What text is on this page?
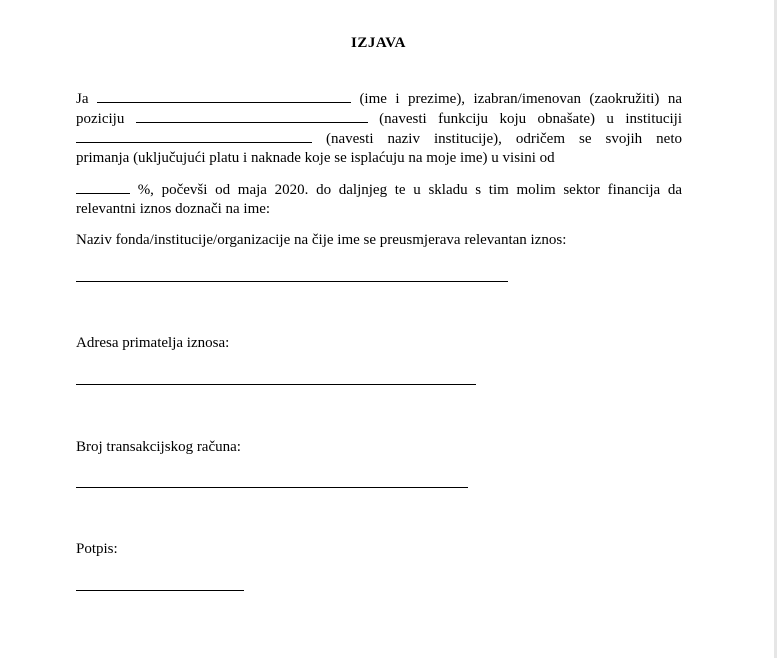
IZJAVA
Ja	(ime i prezime), izabran/imenovan (zaokružiti) na
poziciju	(navesti funkciju koju obnašate) u instituciji
(navesti naziv institucije), odričem se svojih neto
primanja (uključujući platu i naknade koje se isplaćuju na moje ime) u visini od
%, počevši od maja 2020. do daljnjeg te u skladu s tim molim sektor financija da
relevantni iznos doznači na ime:
Naziv fonda/institucije/organizacije na čije ime se preusmjerava relevantan iznos:
Adresa primatelja iznosa:
Broj transakcijskog računa:
Potpis:
